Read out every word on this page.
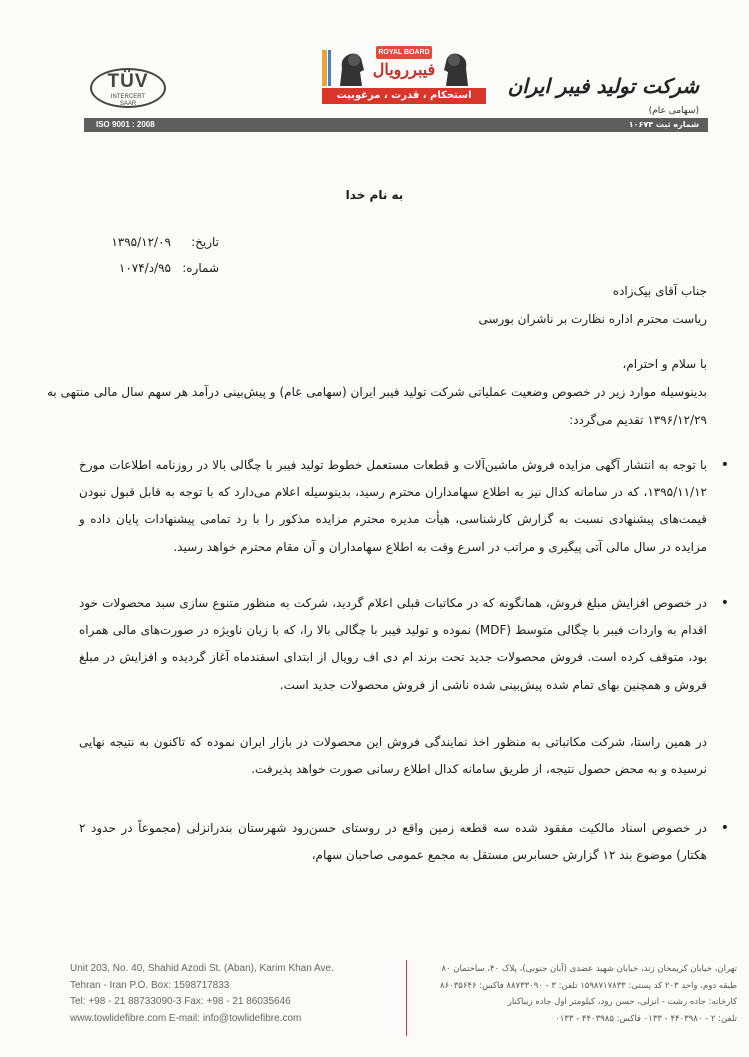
TÜV
INTERCERT
SAAR
ROYAL BOARD
فیبررویال
استحکام ، قدرت ، مرغوبیت	شرکت تولید فیبر ایران (سهامی عام)
ISO 9001 : 2008	شماره ثبت ۱۰۶۷۳
به نام خدا
تاریخ:
۱۳۹۵/۱۲/۰۹
شماره:
۹۵/د/۱۰۷۴
جناب آقای بیک‌زاده
ریاست محترم اداره نظارت بر ناشران بورسی
با سلام و احترام،
بدینوسیله موارد زیر در خصوص وضعیت عملیاتی شرکت تولید فیبر ایران (سهامی عام) و پیش‌بینی درآمد هر سهم سال مالی منتهی به ۱۳۹۶/۱۲/۲۹ تقدیم می‌گردد:
•
با توجه به انتشار آگهی مزایده فروش ماشین‌آلات و قطعات مستعمل خطوط تولید فیبر با چگالی بالا در روزنامه اطلاعات مورخ ۱۳۹۵/۱۱/۱۲، که در سامانه کدال نیز به اطلاع سهامداران محترم رسید، بدینوسیله اعلام می‌دارد که با توجه به قابل قبول نبودن قیمت‌های پیشنهادی نسبت به گزارش کارشناسی، هیأت مدیره محترم مزایده مذکور را با رد تمامی پیشنهادات پایان داده و مزایده در سال مالی آتی پیگیری و مراتب در اسرع وقت به اطلاع سهامداران و آن مقام محترم خواهد رسید.
•
در خصوص افزایش مبلغ فروش، همانگونه که در مکاتبات قبلی اعلام گردید، شرکت به منظور متنوع سازی سبد محصولات خود اقدام به واردات فیبر با چگالی متوسط (MDF) نموده و تولید فیبر با چگالی بالا را، که با زیان ناویژه در صورت‌های مالی همراه بود، متوقف کرده است. فروش محصولات جدید تحت برند ام دی اف رویال از ابتدای اسفندماه آغاز گردیده و افزایش در مبلغ فروش و همچنین بهای تمام شده پیش‌بینی شده ناشی از فروش محصولات جدید است.
در همین راستا، شرکت مکاتباتی به منظور اخذ نمایندگی فروش این محصولات در بازار ایران نموده که تاکنون به نتیجه نهایی نرسیده و به محض حصول نتیجه، از طریق سامانه کدال اطلاع رسانی صورت خواهد پذیرفت.
•
در خصوص اسناد مالکیت مفقود شده سه قطعه زمین واقع در روستای حسن‌رود شهرستان بندرانزلی (مجموعاً در حدود ۲ هکتار) موضوع بند ۱۲ گزارش حسابرس مستقل به مجمع عمومی صاحبان سهام،
Unit 203, No. 40, Shahid Azodi St. (Aban), Karim Khan Ave.
Tehran - Iran P.O. Box: 1598717833
Tel: +98 - 21 88733090-3 Fax: +98 - 21 86035646
www.towlidefibre.com E-mail: info@towlidefibre.com
تهران، خیابان کریمخان زند، خیابان شهید عضدی (آبان جنوبی)، پلاک ۴۰، ساختمان ۸۰
طبقه دوم، واحد ۲۰۳ کد پستی: ۱۵۹۸۷۱۷۸۳۳ تلفن: ۳ - ۸۸۷۳۳۰۹۰ فاکس: ۸۶۰۳۵۶۴۶
کارخانه: جاده رشت - انزلی، حسن رود، کیلومتر اول جاده زیباکنار
تلفن: ۲ - ۴۴۰۳۹۸۰ - ۰۱۳۳ فاکس: ۴۴۰۳۹۸۵ - ۰۱۳۳
